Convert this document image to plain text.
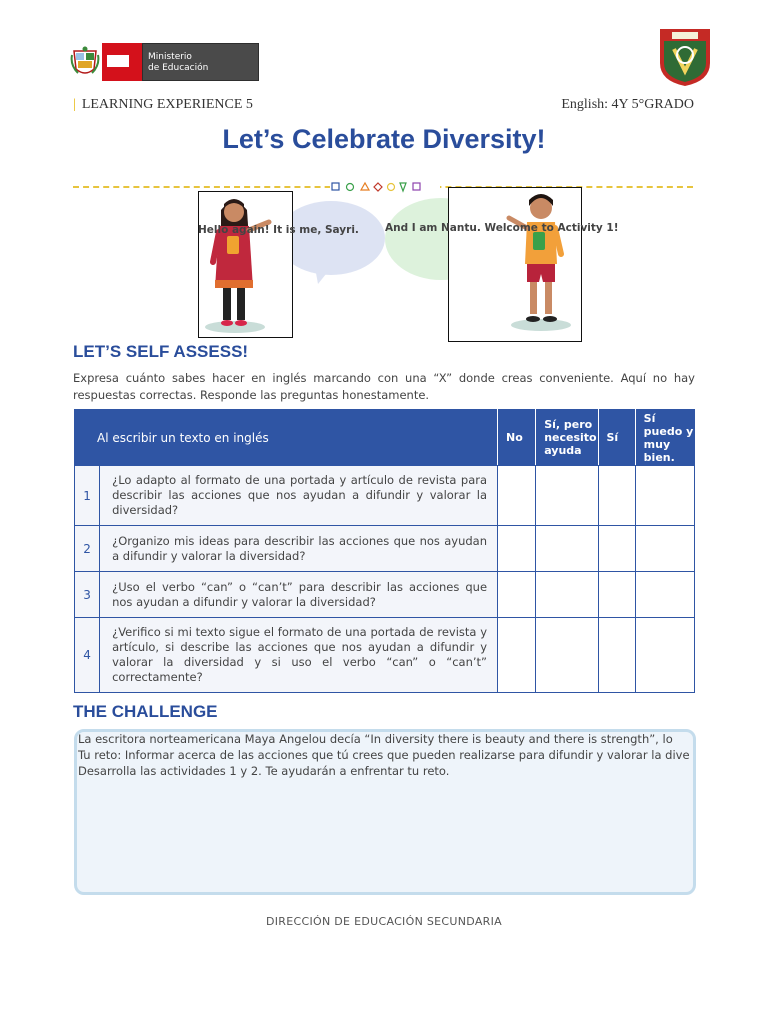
Ministerio
de Educación
| LEARNING EXPERIENCE 5	English: 4Y 5°GRADO
Let’s Celebrate Diversity!
Hello again! It is me, Sayri. And I am Nantu. Welcome to Activity 1!
LET’S SELF ASSESS!
Expresa cuánto sabes hacer en inglés marcando con una “X” donde creas conveniente. Aquí no hay respuestas correctas. Responde las preguntas honestamente.
Al escribir un texto en inglés		No	Sí, pero necesito ayuda	Sí	Sí puedo y muy bien.
1	¿Lo adapto al formato de una portada y artículo de revista para describir las acciones que nos ayudan a difundir y valorar la diversidad?				
2	¿Organizo mis ideas para describir las acciones que nos ayudan a difundir y valorar la diversidad?				
3	¿Uso el verbo “can” o “can’t” para describir las acciones que nos ayudan a difundir y valorar la diversidad?				
4	¿Verifico si mi texto sigue el formato de una portada de revista y artículo, si describe las acciones que nos ayudan a difundir y valorar la diversidad y si uso el verbo “can” o “can’t” correctamente?				
THE CHALLENGE
La escritora norteamericana Maya Angelou decía “In diversity there is beauty and there is strength”, lo
Tu reto: Informar acerca de las acciones que tú crees que pueden realizarse para difundir y valorar la dive
Desarrolla las actividades 1 y 2. Te ayudarán a enfrentar tu reto.
DIRECCIÓN DE EDUCACIÓN SECUNDARIA
